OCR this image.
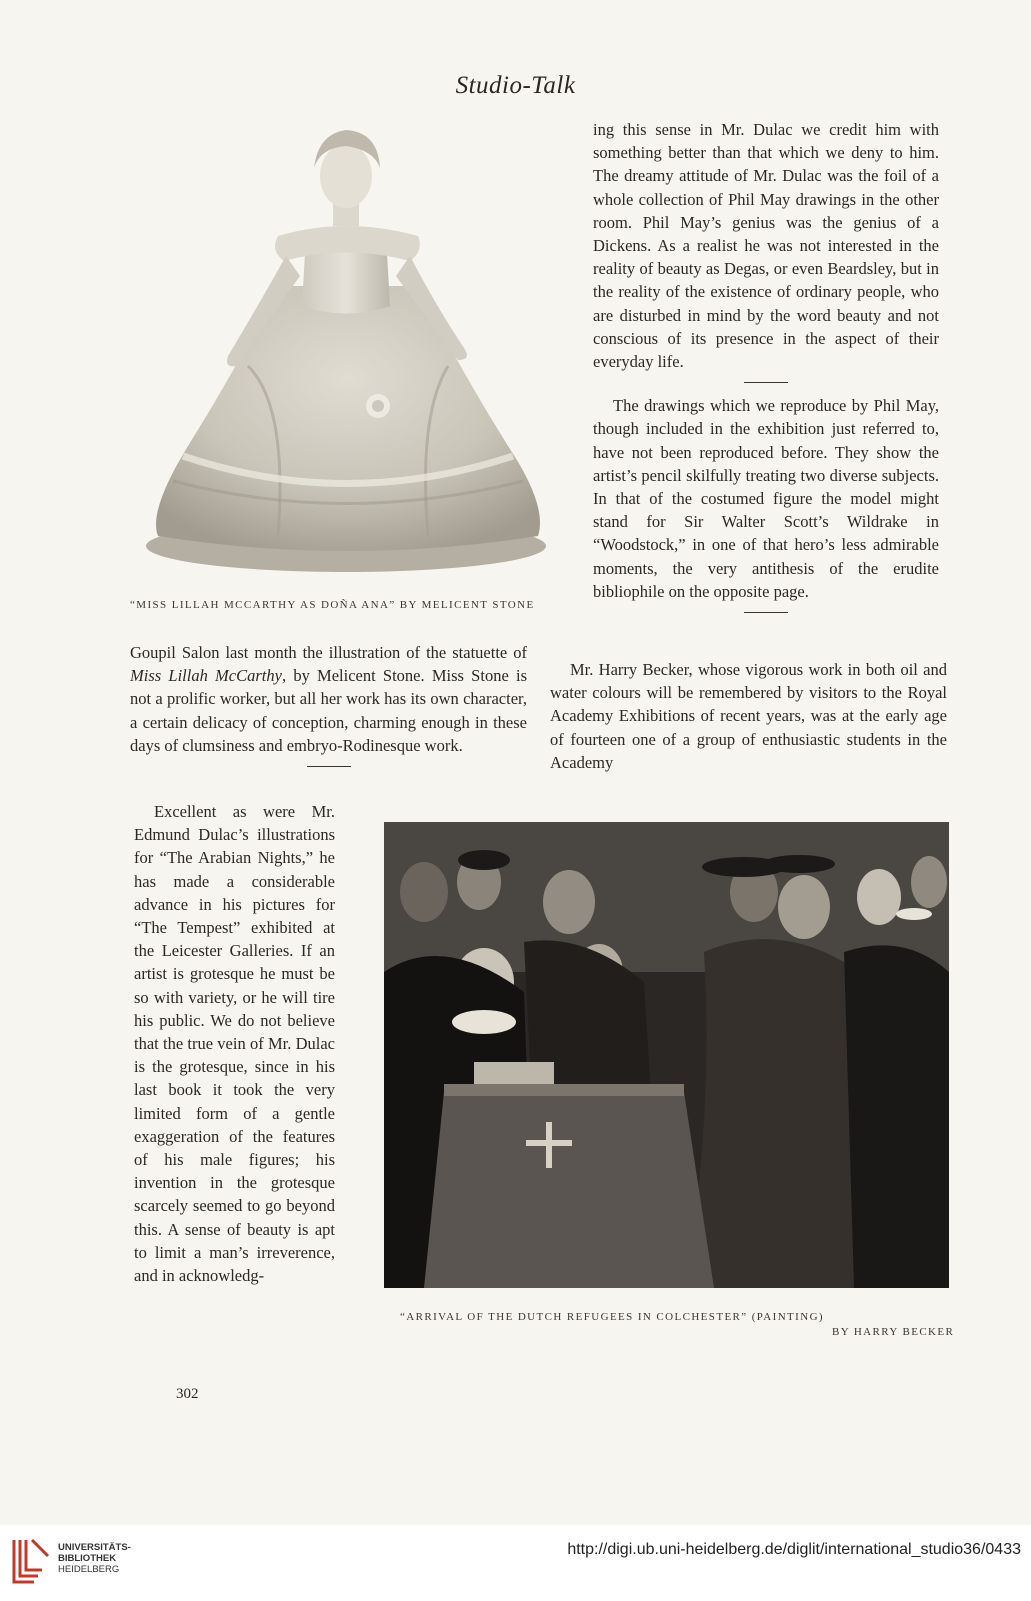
Studio-Talk
“MISS LILLAH MCCARTHY AS DOÑA ANA” BY MELICENT STONE

ing this sense in Mr. Dulac we credit him with something better than that which we deny to him. The dreamy attitude of Mr. Dulac was the foil of a whole collection of Phil May drawings in the other room. Phil May’s genius was the genius of a Dickens. As a realist he was not interested in the reality of beauty as Degas, or even Beardsley, but in the reality of the existence of ordinary people, who are disturbed in mind by the word beauty and not conscious of its presence in the aspect of their everyday life.

The drawings which we reproduce by Phil May, though included in the exhibition just referred to, have not been reproduced before. They show the artist’s pencil skilfully treating two diverse subjects. In that of the costumed figure the model might stand for Sir Walter Scott’s Wildrake in “Woodstock,” in one of that hero’s less admirable moments, the very antithesis of the erudite bibliophile on the opposite page.

Goupil Salon last month the illustration of the statuette of Miss Lillah McCarthy, by Melicent Stone. Miss Stone is not a prolific worker, but all her work has its own character, a certain delicacy of conception, charming enough in these days of clumsiness and embryo-Rodinesque work.

Mr. Harry Becker, whose vigorous work in both oil and water colours will be remembered by visitors to the Royal Academy Exhibitions of recent years, was at the early age of fourteen one of a group of enthusiastic students in the Academy

Excellent as were Mr. Edmund Dulac’s illustrations for “The Arabian Nights,” he has made a considerable advance in his pictures for “The Tempest” exhibited at the Leicester Galleries. If an artist is grotesque he must be so with variety, or he will tire his public. We do not believe that the true vein of Mr. Dulac is the grotesque, since in his last book it took the very limited form of a gentle exaggeration of the features of his male figures; his invention in the grotesque scarcely seemed to go beyond this. A sense of beauty is apt to limit a man’s irreverence, and in acknowledg-

“ARRIVAL OF THE DUTCH REFUGEES IN COLCHESTER” (PAINTING)
BY HARRY BECKER
302
UNIVERSITÄTS-
BIBLIOTHEK
HEIDELBERG
http://digi.ub.uni-heidelberg.de/diglit/international_studio36/0433
